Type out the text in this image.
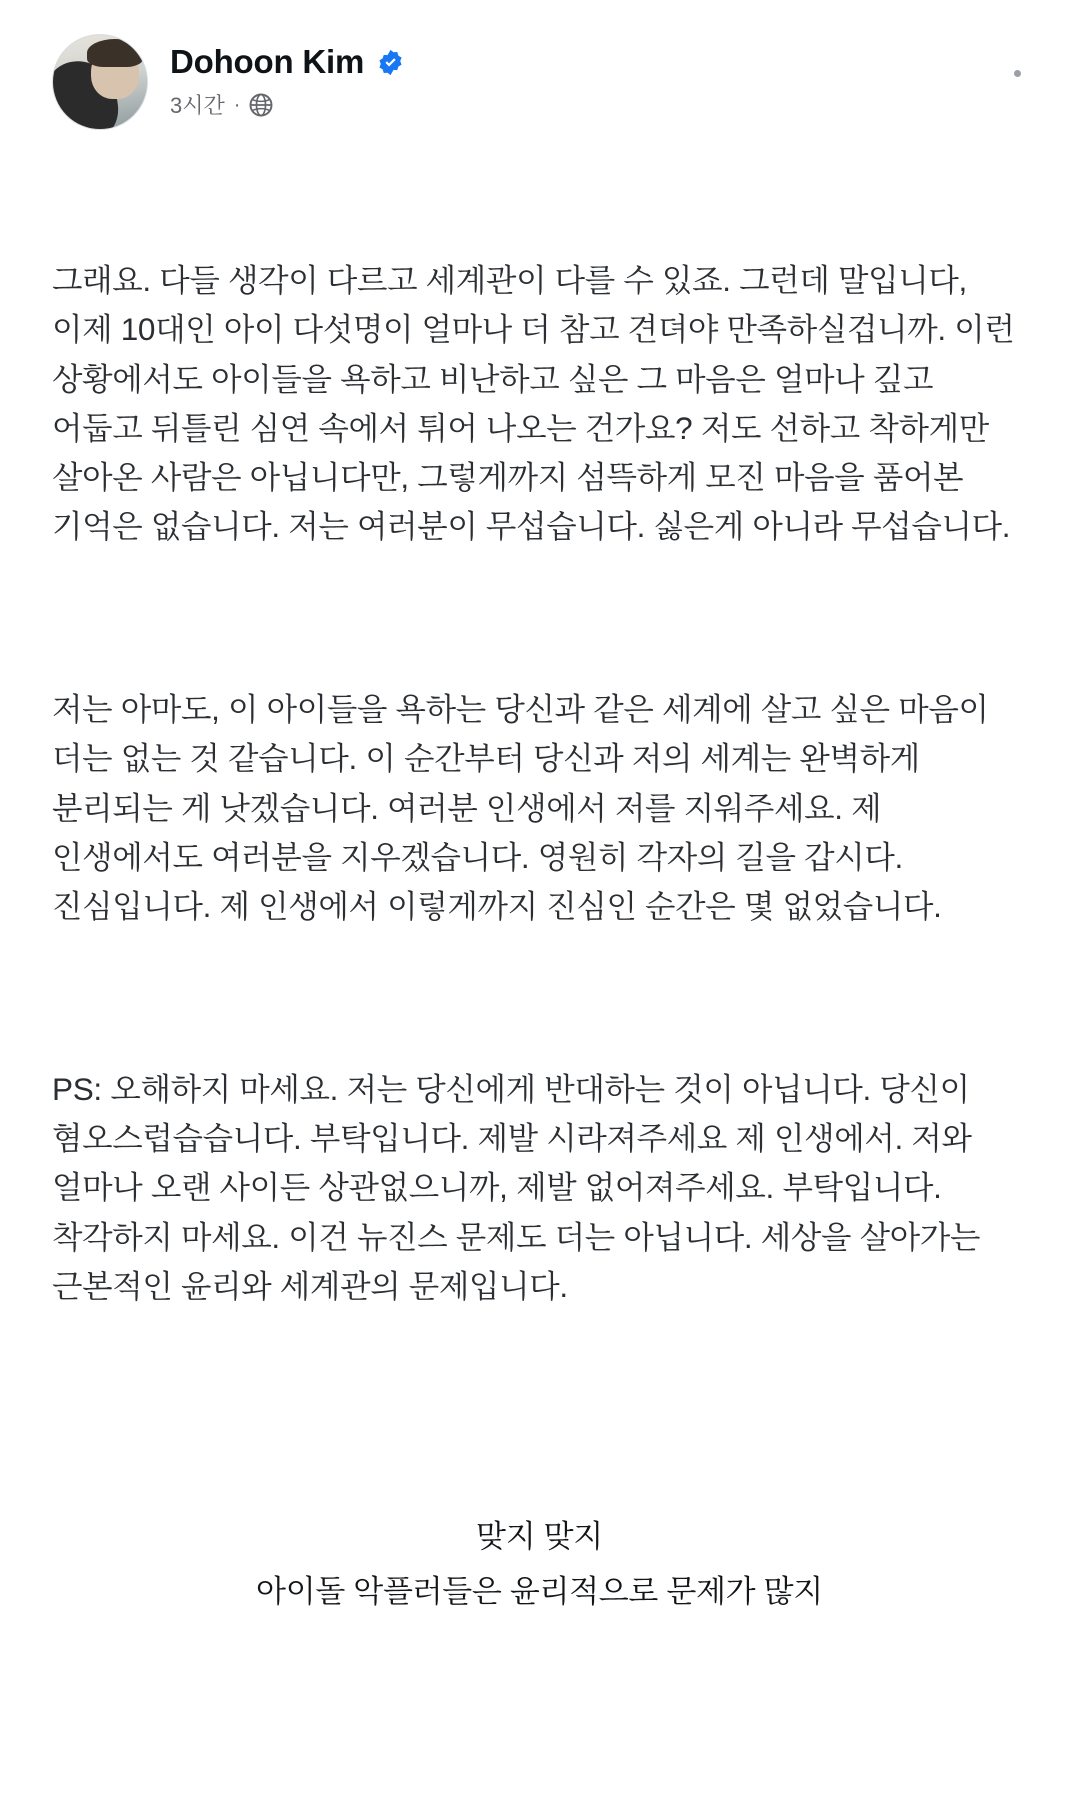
Dohoon Kim
3시간 ·

그래요. 다들 생각이 다르고 세계관이 다를 수 있죠. 그런데 말입니다, 이제 10대인 아이 다섯명이 얼마나 더 참고 견뎌야 만족하실겁니까. 이런 상황에서도 아이들을 욕하고 비난하고 싶은 그 마음은 얼마나 깊고 어둡고 뒤틀린 심연 속에서 튀어 나오는 건가요? 저도 선하고 착하게만 살아온 사람은 아닙니다만, 그렇게까지 섬뜩하게 모진 마음을 품어본 기억은 없습니다. 저는 여러분이 무섭습니다. 싫은게 아니라 무섭습니다.

저는 아마도, 이 아이들을 욕하는 당신과 같은 세계에 살고 싶은 마음이 더는 없는 것 같습니다. 이 순간부터 당신과 저의 세계는 완벽하게 분리되는 게 낫겠습니다. 여러분 인생에서 저를 지워주세요. 제 인생에서도 여러분을 지우겠습니다. 영원히 각자의 길을 갑시다. 진심입니다. 제 인생에서 이렇게까지 진심인 순간은 몇 없었습니다.

PS: 오해하지 마세요. 저는 당신에게 반대하는 것이 아닙니다. 당신이 혐오스럽습습니다. 부탁입니다. 제발 시라져주세요 제 인생에서. 저와 얼마나 오랜 사이든 상관없으니까, 제발 없어져주세요. 부탁입니다. 착각하지 마세요. 이건 뉴진스 문제도 더는 아닙니다. 세상을 살아가는 근본적인 윤리와 세계관의 문제입니다.

맞지 맞지
아이돌 악플러들은 윤리적으로 문제가 많지
